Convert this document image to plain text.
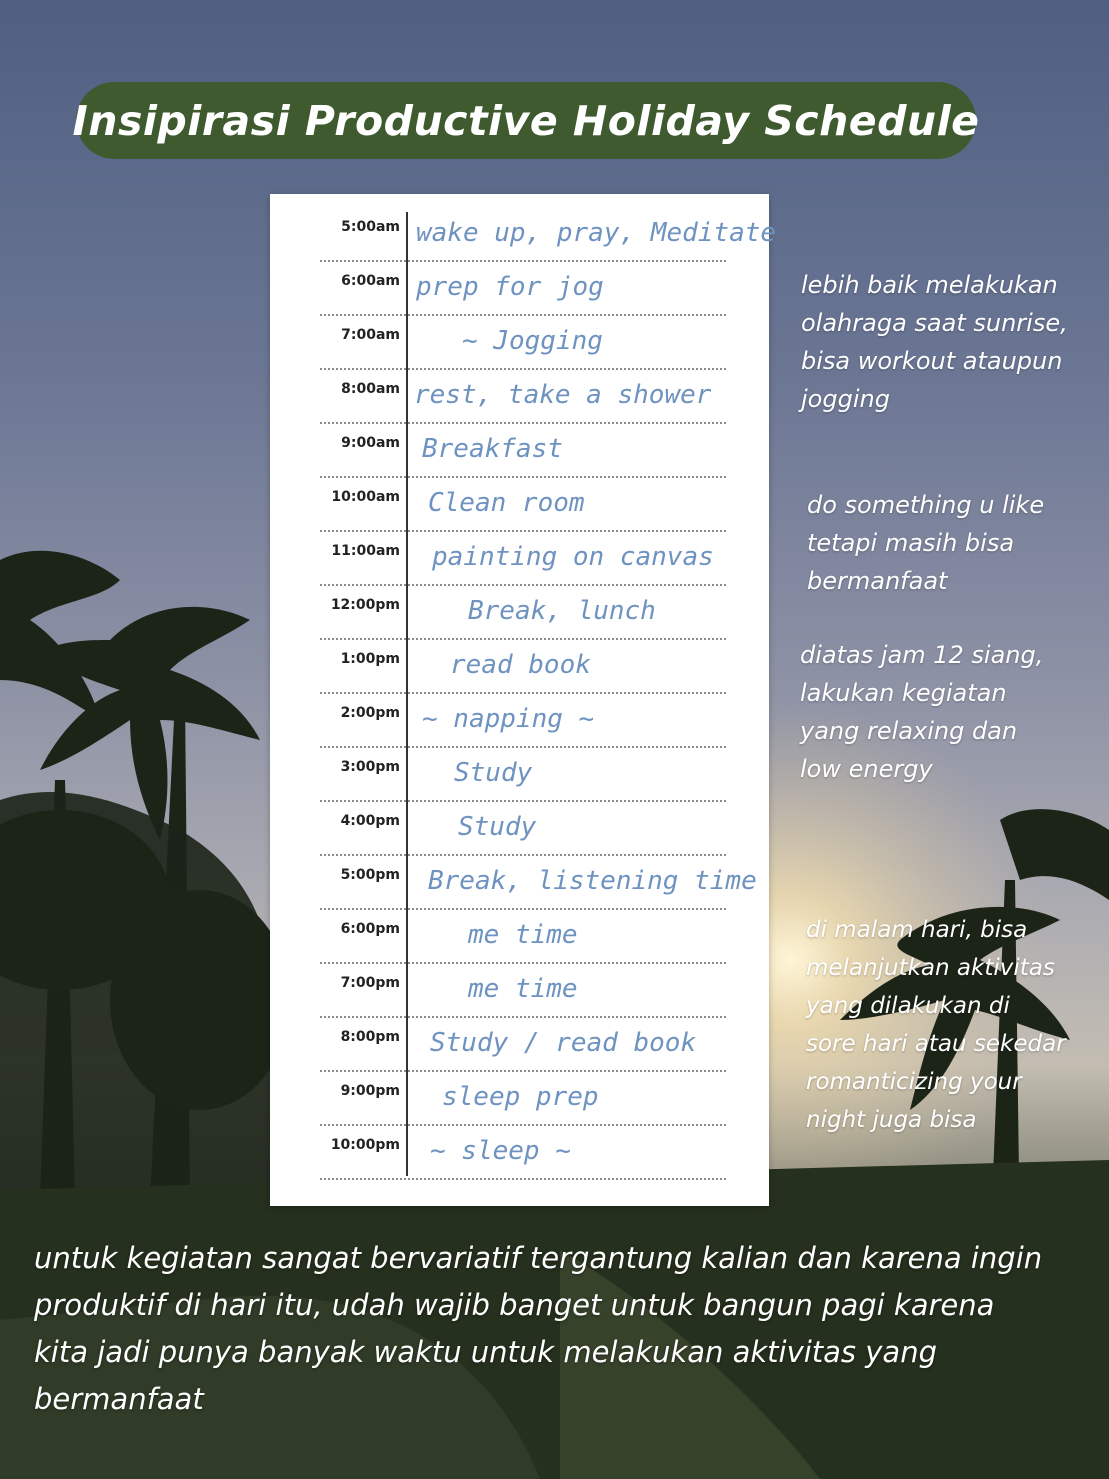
Insipirasi Productive Holiday Schedule
5:00am wake up, pray, Meditate
6:00am prep for jog
7:00am ~ Jogging
8:00am rest, take a shower
9:00am Breakfast
10:00am Clean room
11:00am painting on canvas
12:00pm	Break, lunch
1:00pm read book
2:00pm ~ napping ~
3:00pm Study
4:00pm Study
5:00pm Break, listening time
6:00pm	me time
7:00pm	me time
8:00pm Study / read book
9:00pm sleep prep
10:00pm ~ sleep ~
lebih baik melakukan
olahraga saat sunrise,
bisa workout ataupun
jogging
do something u like
tetapi masih bisa
bermanfaat
diatas jam 12 siang,
lakukan kegiatan
yang relaxing dan
low energy
di malam hari, bisa
melanjutkan aktivitas
yang dilakukan di
sore hari atau sekedar
romanticizing your
night juga bisa
untuk kegiatan sangat bervariatif tergantung kalian dan karena ingin
produktif di hari itu, udah wajib banget untuk bangun pagi karena
kita jadi punya banyak waktu untuk melakukan aktivitas yang
bermanfaat
